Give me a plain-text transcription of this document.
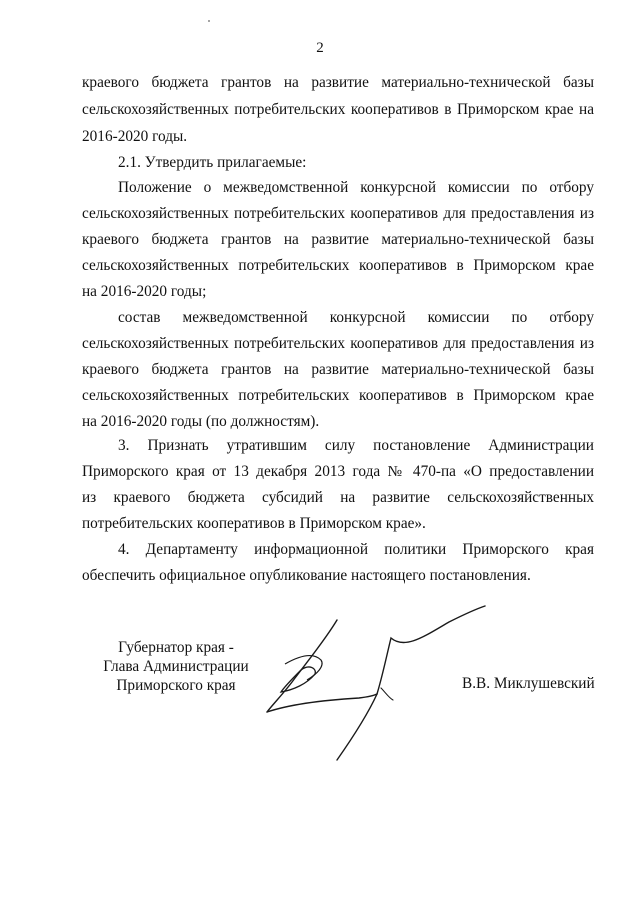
2
краевого бюджета грантов на развитие материально-технической базы
сельскохозяйственных потребительских кооперативов в Приморском крае на
2016-2020 годы.
2.1. Утвердить прилагаемые:
Положение о межведомственной конкурсной комиссии по отбору
сельскохозяйственных потребительских кооперативов для предоставления из
краевого бюджета грантов на развитие материально-технической базы
сельскохозяйственных потребительских кооперативов в Приморском крае
на 2016-2020 годы;
состав межведомственной конкурсной комиссии по отбору
сельскохозяйственных потребительских кооперативов для предоставления из
краевого бюджета грантов на развитие материально-технической базы
сельскохозяйственных потребительских кооперативов в Приморском крае
на 2016-2020 годы (по должностям).
3. Признать утратившим силу постановление Администрации
Приморского края от 13 декабря 2013 года № 470-па «О предоставлении
из краевого бюджета субсидий на развитие сельскохозяйственных
потребительских кооперативов в Приморском крае».
4. Департаменту информационной политики Приморского края
обеспечить официальное опубликование настоящего постановления.
Губернатор края -
Глава Администрации
Приморского края	В.В. Миклушевский
